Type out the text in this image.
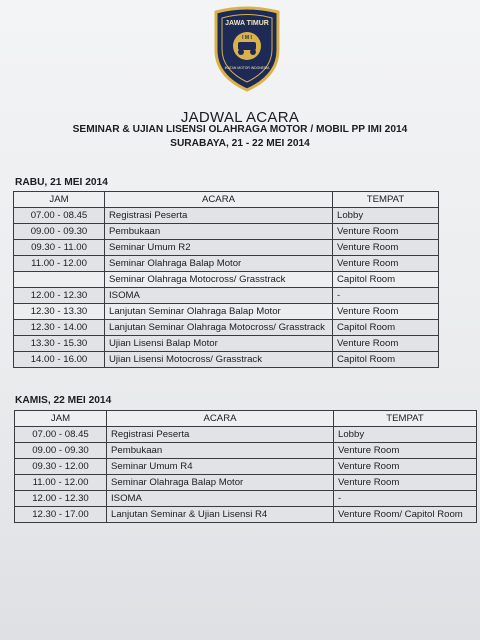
JAWA TIMUR
I M I
IKATAN MOTOR INDONESIA
JADWAL ACARA
SEMINAR & UJIAN LISENSI OLAHRAGA MOTOR / MOBIL PP IMI 2014
SURABAYA, 21 - 22 MEI 2014
RABU, 21 MEI 2014
JAM	ACARA	TEMPAT
07.00 - 08.45	Registrasi Peserta	Lobby
09.00 - 09.30	Pembukaan	Venture Room
09.30 - 11.00	Seminar Umum R2	Venture Room
11.00 - 12.00	Seminar Olahraga Balap Motor	Venture Room
	Seminar Olahraga Motocross/ Grasstrack	Capitol Room
12.00 - 12.30	ISOMA	-
12.30 - 13.30	Lanjutan Seminar Olahraga Balap Motor	Venture Room
12.30 - 14.00	Lanjutan Seminar Olahraga Motocross/ Grasstrack	Capitol Room
13.30 - 15.30	Ujian Lisensi Balap Motor	Venture Room
14.00 - 16.00	Ujian Lisensi Motocross/ Grasstrack	Capitol Room
KAMIS, 22 MEI 2014
JAM	ACARA	TEMPAT
07.00 - 08.45	Registrasi Peserta	Lobby
09.00 - 09.30	Pembukaan	Venture Room
09.30 - 12.00	Seminar Umum R4	Venture Room
11.00 - 12.00	Seminar Olahraga Balap Motor	Venture Room
12.00 - 12.30	ISOMA	-
12.30 - 17.00	Lanjutan Seminar & Ujian Lisensi R4	Venture Room/ Capitol Room
